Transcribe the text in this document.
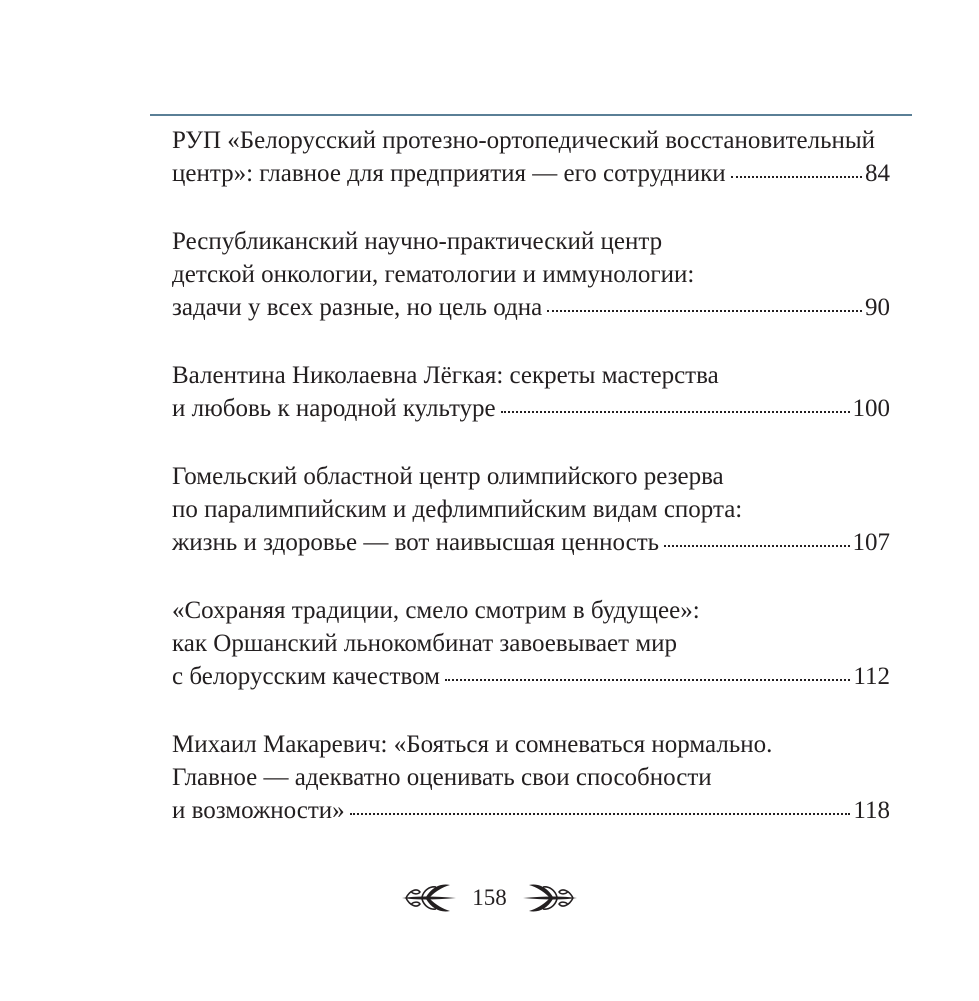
РУП «Белорусский протезно-ортопедический восстановительный
центр»: главное для предприятия — его сотрудники	84
Республиканский научно-практический центр
детской онкологии, гематологии и иммунологии:
задачи у всех разные, но цель одна	90
Валентина Николаевна Лёгкая: секреты мастерства
и любовь к народной культуре	100
Гомельский областной центр олимпийского резерва
по паралимпийским и дефлимпийским видам спорта:
жизнь и здоровье — вот наивысшая ценность	107
«Сохраняя традиции, смело смотрим в будущее»:
как Оршанский льнокомбинат завоевывает мир
с белорусским качеством	112
Михаил Макаревич: «Бояться и сомневаться нормально.
Главное — адекватно оценивать свои способности
и возможности»	118
158
